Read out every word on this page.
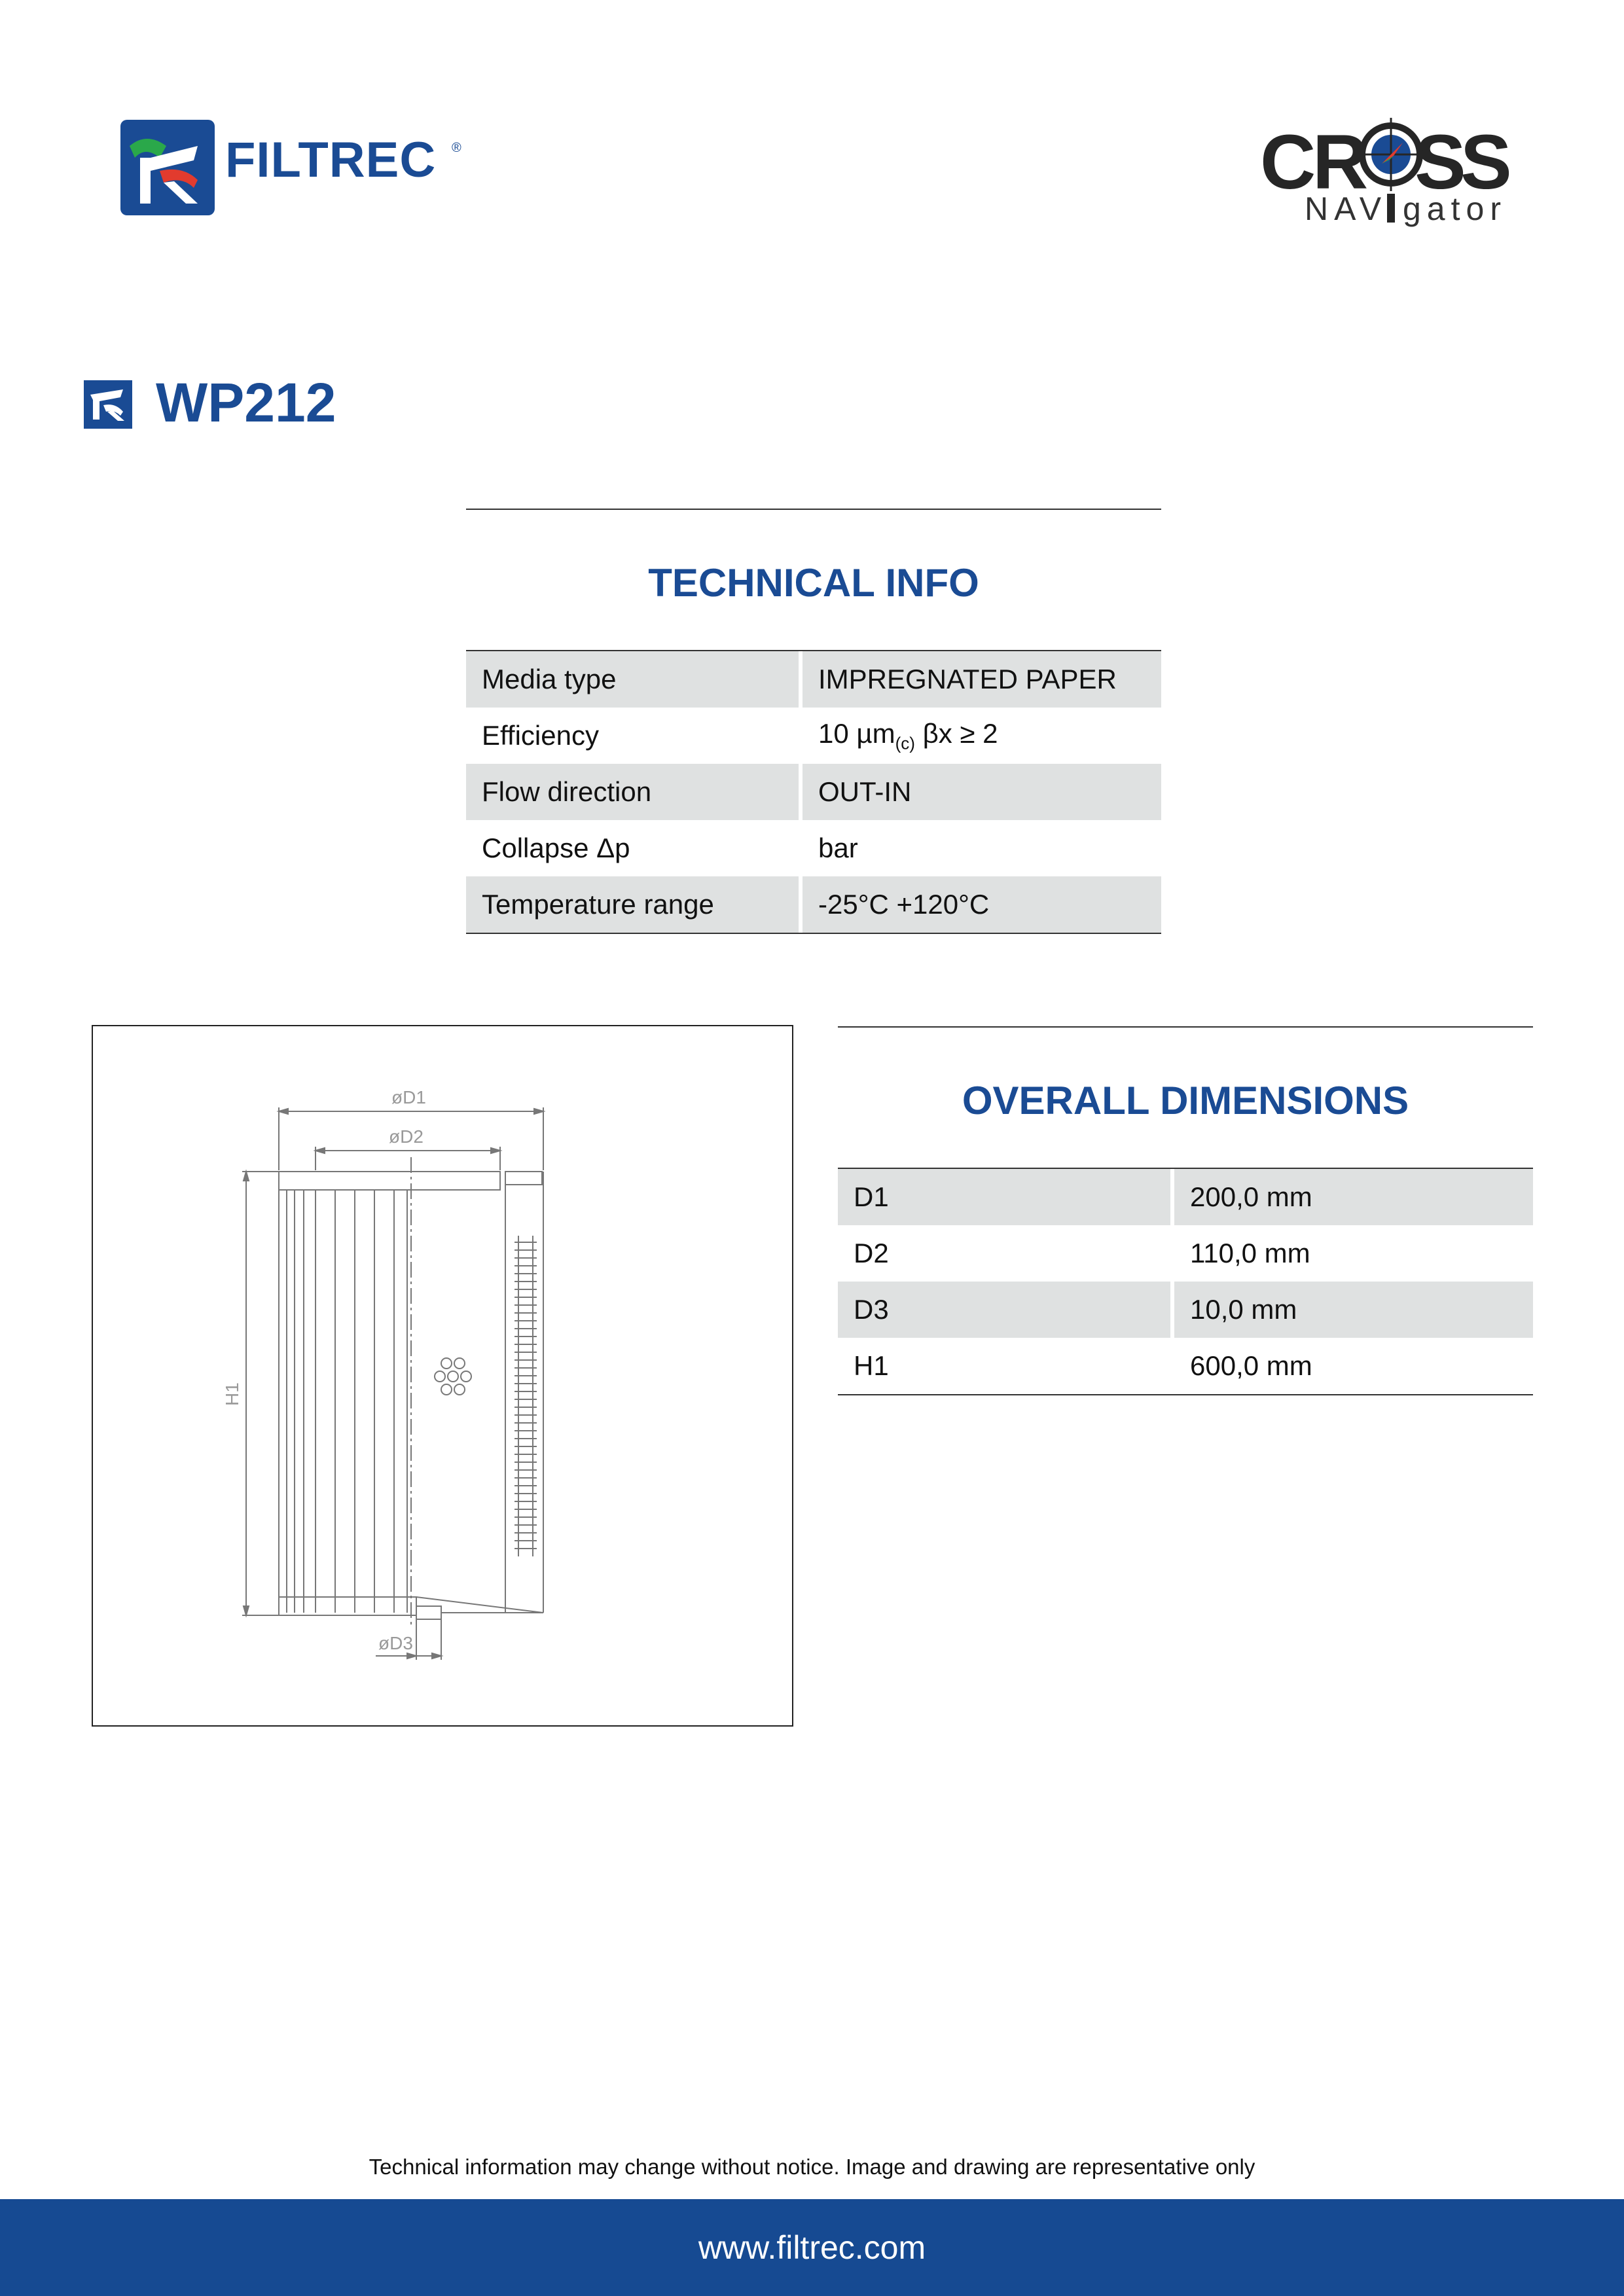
FILTREC ®	C
R S
S
NAV gator
WP212
TECHNICAL INFO
Media type	IMPREGNATED PAPER
Efficiency	10 µm$_{(c)}$ βx ≥ 2
Flow direction	OUT-IN
Collapse Δp	bar
Temperature range	-25°C +120°C
øD1
øD2
øD3
H1
OVERALL DIMENSIONS
D1	200,0 mm
D2	110,0 mm
D3	10,0 mm
H1	600,0 mm
Technical information may change without notice. Image and drawing are representative only
www.filtrec.com
